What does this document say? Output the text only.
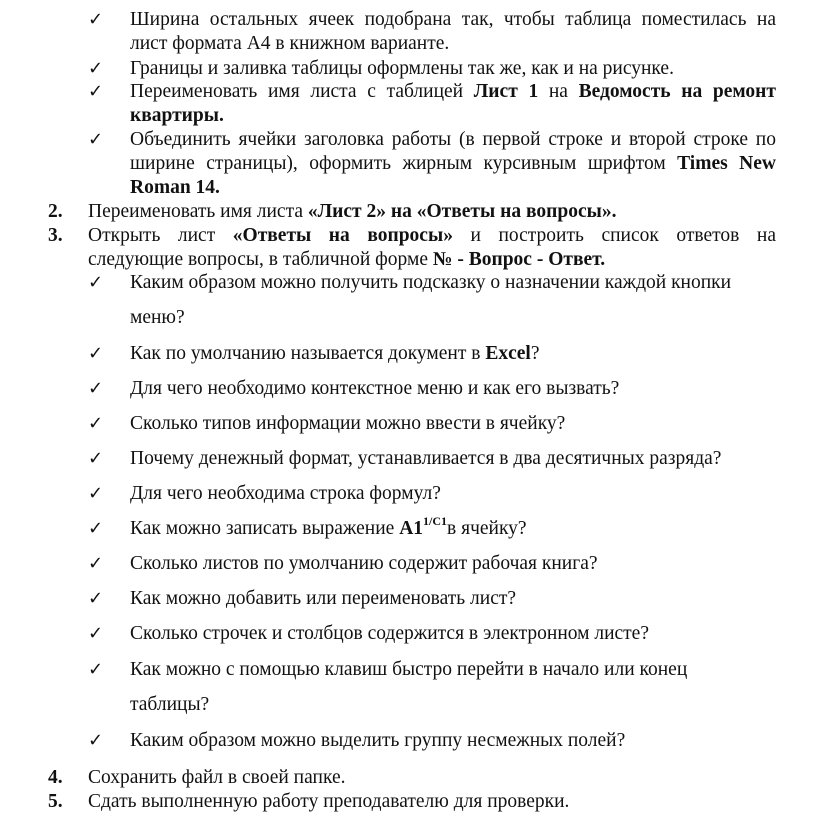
✓ Ширина остальных ячеек подобрана так, чтобы таблица поместилась на
лист формата А4 в книжном варианте.
✓ Границы и заливка таблицы оформлены так же, как и на рисунке.
✓ Переименовать имя листа с таблицей Лист 1 на Ведомость на ремонт
квартиры.
✓ Объединить ячейки заголовка работы (в первой строке и второй строке по
ширине страницы), оформить жирным курсивным шрифтом Times New
Roman 14.
2. Переименовать имя листа «Лист 2» на «Ответы на вопросы».
3. Открыть лист «Ответы на вопросы» и построить список ответов на
следующие вопросы, в табличной форме № - Вопрос - Ответ.
✓ Каким образом можно получить подсказку о назначении каждой кнопки
меню?
✓ Как по умолчанию называется документ в Excel?
✓ Для чего необходимо контекстное меню и как его вызвать?
✓ Сколько типов информации можно ввести в ячейку?
✓ Почему денежный формат, устанавливается в два десятичных разряда?
✓ Для чего необходима строка формул?
✓ Как можно записать выражение $А1^{1/С1}в$ ячейку?
✓ Сколько листов по умолчанию содержит рабочая книга?
✓ Как можно добавить или переименовать лист?
✓ Сколько строчек и столбцов содержится в электронном листе?
✓ Как можно с помощью клавиш быстро перейти в начало или конец
таблицы?
✓ Каким образом можно выделить группу несмежных полей?
4. Сохранить файл в своей папке.
5. Сдать выполненную работу преподавателю для проверки.
